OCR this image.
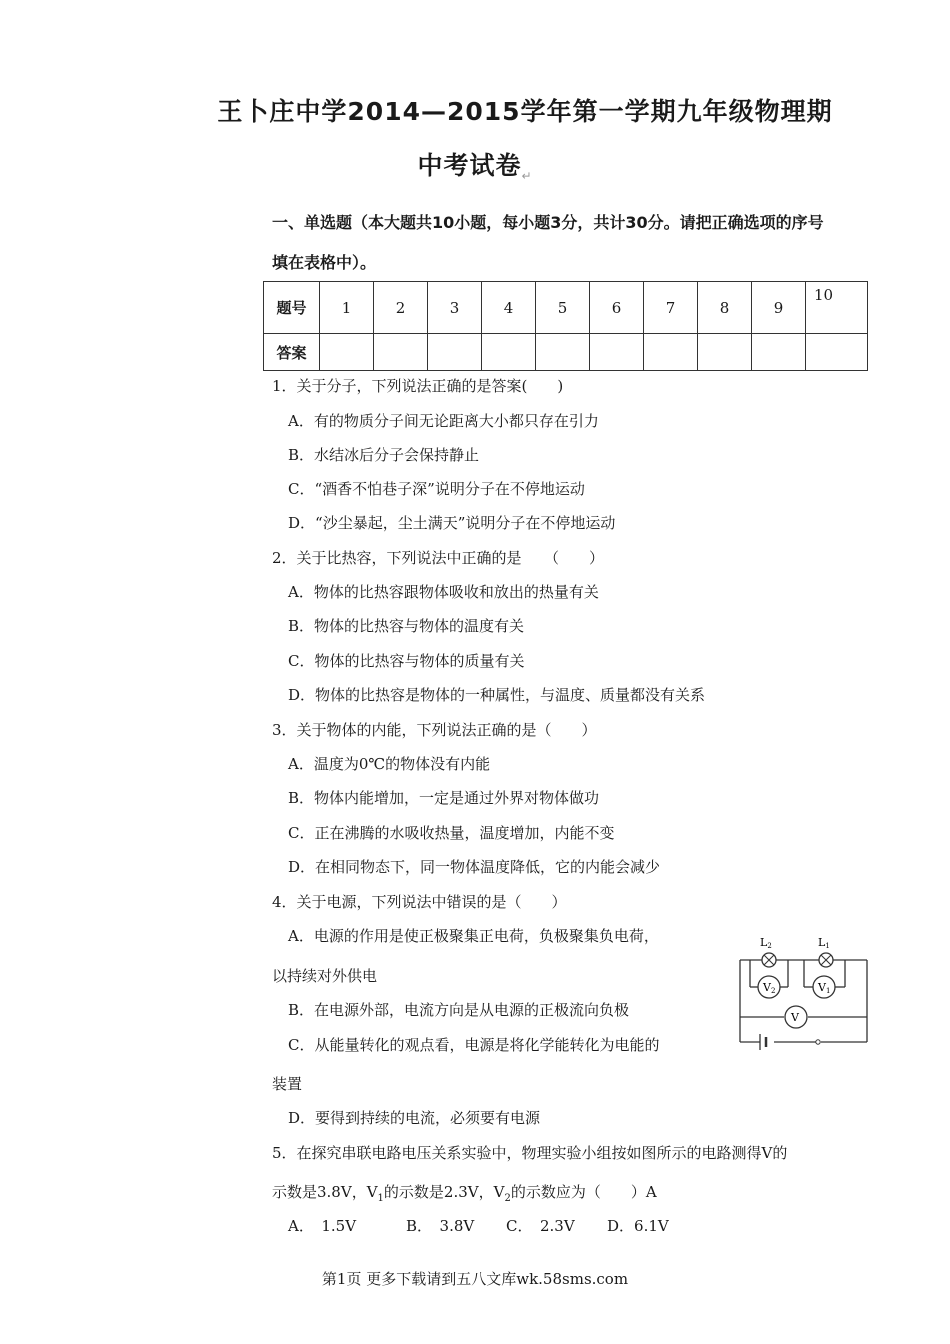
王卜庄中学2014—2015学年第一学期九年级物理期
中考试卷$_↵$
一、单选题（本大题共10小题，每小题3分，共计30分。请把正确选项的序号
填在表格中）。
题号	1	2	3	4	5	6	7	8	9	10
答案										
1．关于分子，下列说法正确的是答案(　　)
A．有的物质分子间无论距离大小都只存在引力
B．水结冰后分子会保持静止
C．“酒香不怕巷子深”说明分子在不停地运动
D．“沙尘暴起，尘土满天”说明分子在不停地运动
2．关于比热容，下列说法中正确的是　　（　　）
A．物体的比热容跟物体吸收和放出的热量有关
B．物体的比热容与物体的温度有关
C．物体的比热容与物体的质量有关
D．物体的比热容是物体的一种属性，与温度、质量都没有关系
3．关于物体的内能，下列说法正确的是（　　）
A．温度为0℃的物体没有内能
B．物体内能增加，一定是通过外界对物体做功
C．正在沸腾的水吸收热量，温度增加，内能不变
D．在相同物态下，同一物体温度降低，它的内能会减少
4．关于电源，下列说法中错误的是（　　）
A．电源的作用是使正极聚集正电荷，负极聚集负电荷，
以持续对外供电
B．在电源外部，电流方向是从电源的正极流向负极
C．从能量转化的观点看，电源是将化学能转化为电能的
装置
D．要得到持续的电流，必须要有电源
L2	L1
V2	V1
V
5．在探究串联电路电压关系实验中，物理实验小组按如图所示的电路测得V的
示数是3.8V，$V_1$的示数是2.3V，$V_2$的示数应为（　　）A
A．　1.5V	B．　3.8V C．　2.3V D．6.1V
第1页 更多下载请到五八文库wk.58sms.com
